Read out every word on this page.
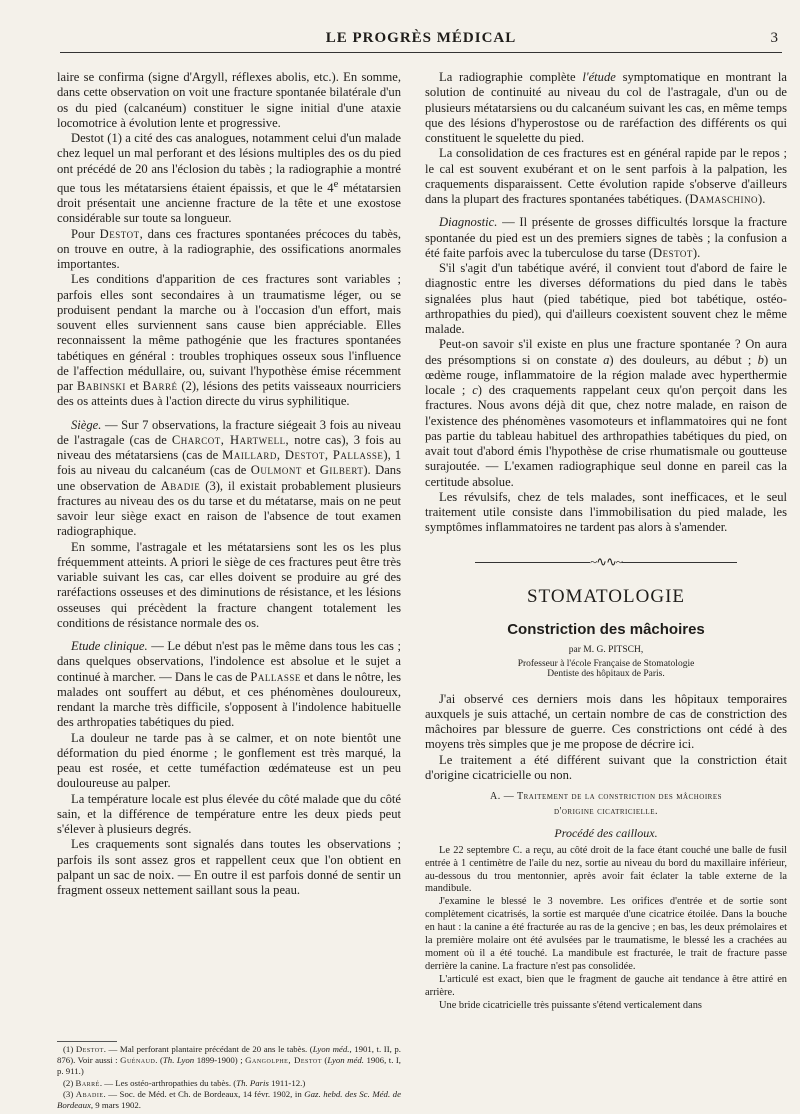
LE PROGRÈS MÉDICAL	3

laire se confirma (signe d'Argyll, réflexes abolis, etc.). En somme, dans cette observation on voit une fracture spontanée bilatérale d'un os du pied (calcanéum) constituer le signe initial d'une ataxie locomotrice à évolution lente et progressive.

Destot (1) a cité des cas analogues, notamment celui d'un malade chez lequel un mal perforant et des lésions multiples des os du pied ont précédé de 20 ans l'éclosion du tabès ; la radiographie a montré que tous les métatarsiens étaient épaissis, et que le 4e métatarsien droit présentait une ancienne fracture de la tête et une exostose considérable sur toute sa longueur.

Pour Destot, dans ces fractures spontanées précoces du tabès, on trouve en outre, à la radiographie, des ossifications anormales importantes.

Les conditions d'apparition de ces fractures sont variables ; parfois elles sont secondaires à un traumatisme léger, ou se produisent pendant la marche ou à l'occasion d'un effort, mais souvent elles surviennent sans cause bien appréciable. Elles reconnaissent la même pathogénie que les fractures spontanées tabétiques en général : troubles trophiques osseux sous l'influence de l'affection médullaire, ou, suivant l'hypothèse émise récemment par Babinski et Barré (2), lésions des petits vaisseaux nourriciers des os atteints dues à l'action directe du virus syphilitique.

Siège. — Sur 7 observations, la fracture siégeait 3 fois au niveau de l'astragale (cas de Charcot, Hartwell, notre cas), 3 fois au niveau des métatarsiens (cas de Maillard, Destot, Pallasse), 1 fois au niveau du calcanéum (cas de Oulmont et Gilbert). Dans une observation de Abadie (3), il existait probablement plusieurs fractures au niveau des os du tarse et du métatarse, mais on ne peut savoir leur siège exact en raison de l'absence de tout examen radiographique.

En somme, l'astragale et les métatarsiens sont les os les plus fréquemment atteints. A priori le siège de ces fractures peut être très variable suivant les cas, car elles doivent se produire au gré des raréfactions osseuses et des diminutions de résistance, et les lésions osseuses qui précèdent la fracture changent totalement les conditions de résistance normale des os.

Etude clinique. — Le début n'est pas le même dans tous les cas ; dans quelques observations, l'indolence est absolue et le sujet a continué à marcher. — Dans le cas de Pallasse et dans le nôtre, les malades ont souffert au début, et ces phénomènes douloureux, rendant la marche très difficile, s'opposent à l'indolence habituelle des arthropaties tabétiques du pied.

La douleur ne tarde pas à se calmer, et on note bientôt une déformation du pied énorme ; le gonflement est très marqué, la peau est rosée, et cette tuméfaction œdémateuse est un peu douloureuse au palper.

La température locale est plus élevée du côté malade que du côté sain, et la différence de température entre les deux pieds peut s'élever à plusieurs degrés.

Les craquements sont signalés dans toutes les observations ; parfois ils sont assez gros et rappellent ceux que l'on obtient en palpant un sac de noix. — En outre il est parfois donné de sentir un fragment osseux nettement saillant sous la peau.

(1) Destot. — Mal perforant plantaire précédant de 20 ans le tabès. (Lyon méd., 1901, t. II, p. 876). Voir aussi : Guénaud. (Th. Lyon 1899-1900) ; Gangolphe, Destot (Lyon méd. 1906, t. I, p. 911.)

(2) Barré. — Les ostéo-arthropathies du tabès. (Th. Paris 1911-12.)

(3) Abadie. — Soc. de Méd. et Ch. de Bordeaux, 14 févr. 1902, in Gaz. hebd. des Sc. Méd. de Bordeaux, 9 mars 1902.

La radiographie complète l'étude symptomatique en montrant la solution de continuité au niveau du col de l'astragale, d'un ou de plusieurs métatarsiens ou du calcanéum suivant les cas, en même temps que des lésions d'hyperostose ou de raréfaction des différents os qui constituent le squelette du pied.

La consolidation de ces fractures est en général rapide par le repos ; le cal est souvent exubérant et on le sent parfois à la palpation, les craquements disparaissent. Cette évolution rapide s'observe d'ailleurs dans la plupart des fractures spontanées tabétiques. (Damaschino).

Diagnostic. — Il présente de grosses difficultés lorsque la fracture spontanée du pied est un des premiers signes de tabès ; la confusion a été faite parfois avec la tuberculose du tarse (Destot).

S'il s'agit d'un tabétique avéré, il convient tout d'abord de faire le diagnostic entre les diverses déformations du pied dans le tabès signalées plus haut (pied tabétique, pied bot tabétique, ostéo-arthropathies du pied), qui d'ailleurs coexistent souvent chez le même malade.

Peut-on savoir s'il existe en plus une fracture spontanée ? On aura des présomptions si on constate a) des douleurs, au début ; b) un œdème rouge, inflammatoire de la région malade avec hyperthermie locale ; c) des craquements rappelant ceux qu'on perçoit dans les fractures. Nous avons déjà dit que, chez notre malade, en raison de l'existence des phénomènes vasomoteurs et inflammatoires qui ne font pas partie du tableau habituel des arthropathies tabétiques du pied, on avait tout d'abord émis l'hypothèse de crise rhumatismale ou goutteuse surajoutée. — L'examen radiographique seul donne en pareil cas la certitude absolue.

Les révulsifs, chez de tels malades, sont inefficaces, et le seul traitement utile consiste dans l'immobilisation du pied malade, les symptômes inflammatoires ne tardent pas alors à s'amender.

~∿∿~
STOMATOLOGIE
Constriction des mâchoires
par M. G. PITSCH,
Professeur à l'école Française de Stomatologie
Dentiste des hôpitaux de Paris.

J'ai observé ces derniers mois dans les hôpitaux temporaires auxquels je suis attaché, un certain nombre de cas de constriction des mâchoires par blessure de guerre. Ces constrictions ont cédé à des moyens très simples que je me propose de décrire ici.

Le traitement a été différent suivant que la constriction était d'origine cicatricielle ou non.

A. — Traitement de la constriction des mâchoires
d'origine cicatricielle.
Procédé des cailloux.

Le 22 septembre C. a reçu, au côté droit de la face étant couché une balle de fusil entrée à 1 centimètre de l'aile du nez, sortie au niveau du bord du maxillaire inférieur, au-dessous du trou mentonnier, après avoir fait éclater la table externe de la mandibule.

J'examine le blessé le 3 novembre. Les orifices d'entrée et de sortie sont complètement cicatrisés, la sortie est marquée d'une cicatrice étoilée. Dans la bouche en haut : la canine a été fracturée au ras de la gencive ; en bas, les deux prémolaires et la première molaire ont été avulsées par le traumatisme, le blessé les a crachées au moment où il a été touché. La mandibule est fracturée, le trait de fracture passe derrière la canine. La fracture n'est pas consolidée.

L'articulé est exact, bien que le fragment de gauche ait tendance à être attiré en arrière.

Une bride cicatricielle très puissante s'étend verticalement dans
